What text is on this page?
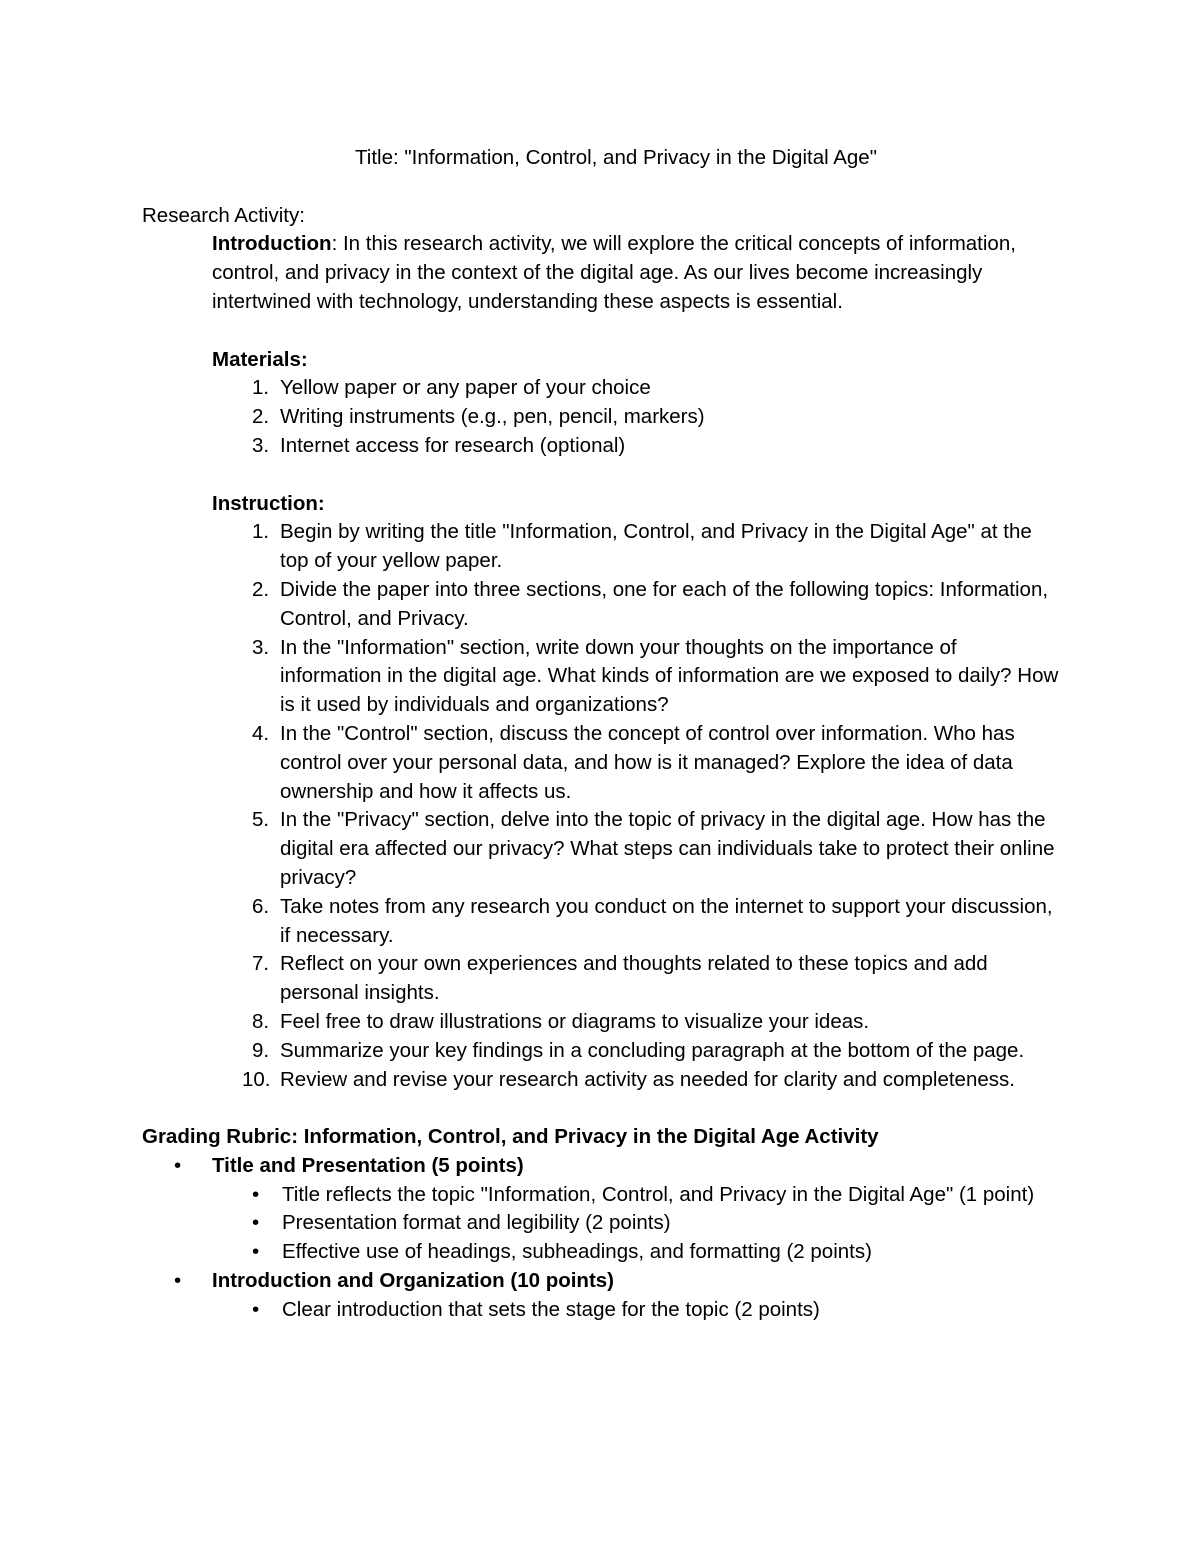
Title: "Information, Control, and Privacy in the Digital Age"

Research Activity:

Introduction: In this research activity, we will explore the critical concepts of information, control, and privacy in the context of the digital age. As our lives become increasingly intertwined with technology, understanding these aspects is essential.

Materials:

1. Yellow paper or any paper of your choice
2. Writing instruments (e.g., pen, pencil, markers)
3. Internet access for research (optional)

Instruction:

1. Begin by writing the title "Information, Control, and Privacy in the Digital Age" at the top of your yellow paper.
2. Divide the paper into three sections, one for each of the following topics: Information, Control, and Privacy.
3. In the "Information" section, write down your thoughts on the importance of information in the digital age. What kinds of information are we exposed to daily? How is it used by individuals and organizations?
4. In the "Control" section, discuss the concept of control over information. Who has control over your personal data, and how is it managed? Explore the idea of data ownership and how it affects us.
5. In the "Privacy" section, delve into the topic of privacy in the digital age. How has the digital era affected our privacy? What steps can individuals take to protect their online privacy?
6. Take notes from any research you conduct on the internet to support your discussion, if necessary.
7. Reflect on your own experiences and thoughts related to these topics and add personal insights.
8. Feel free to draw illustrations or diagrams to visualize your ideas.
9. Summarize your key findings in a concluding paragraph at the bottom of the page.
10. Review and revise your research activity as needed for clarity and completeness.

Grading Rubric: Information, Control, and Privacy in the Digital Age Activity

• Title and Presentation (5 points)
• Title reflects the topic "Information, Control, and Privacy in the Digital Age" (1 point)
• Presentation format and legibility (2 points)
• Effective use of headings, subheadings, and formatting (2 points)
• Introduction and Organization (10 points)
• Clear introduction that sets the stage for the topic (2 points)
